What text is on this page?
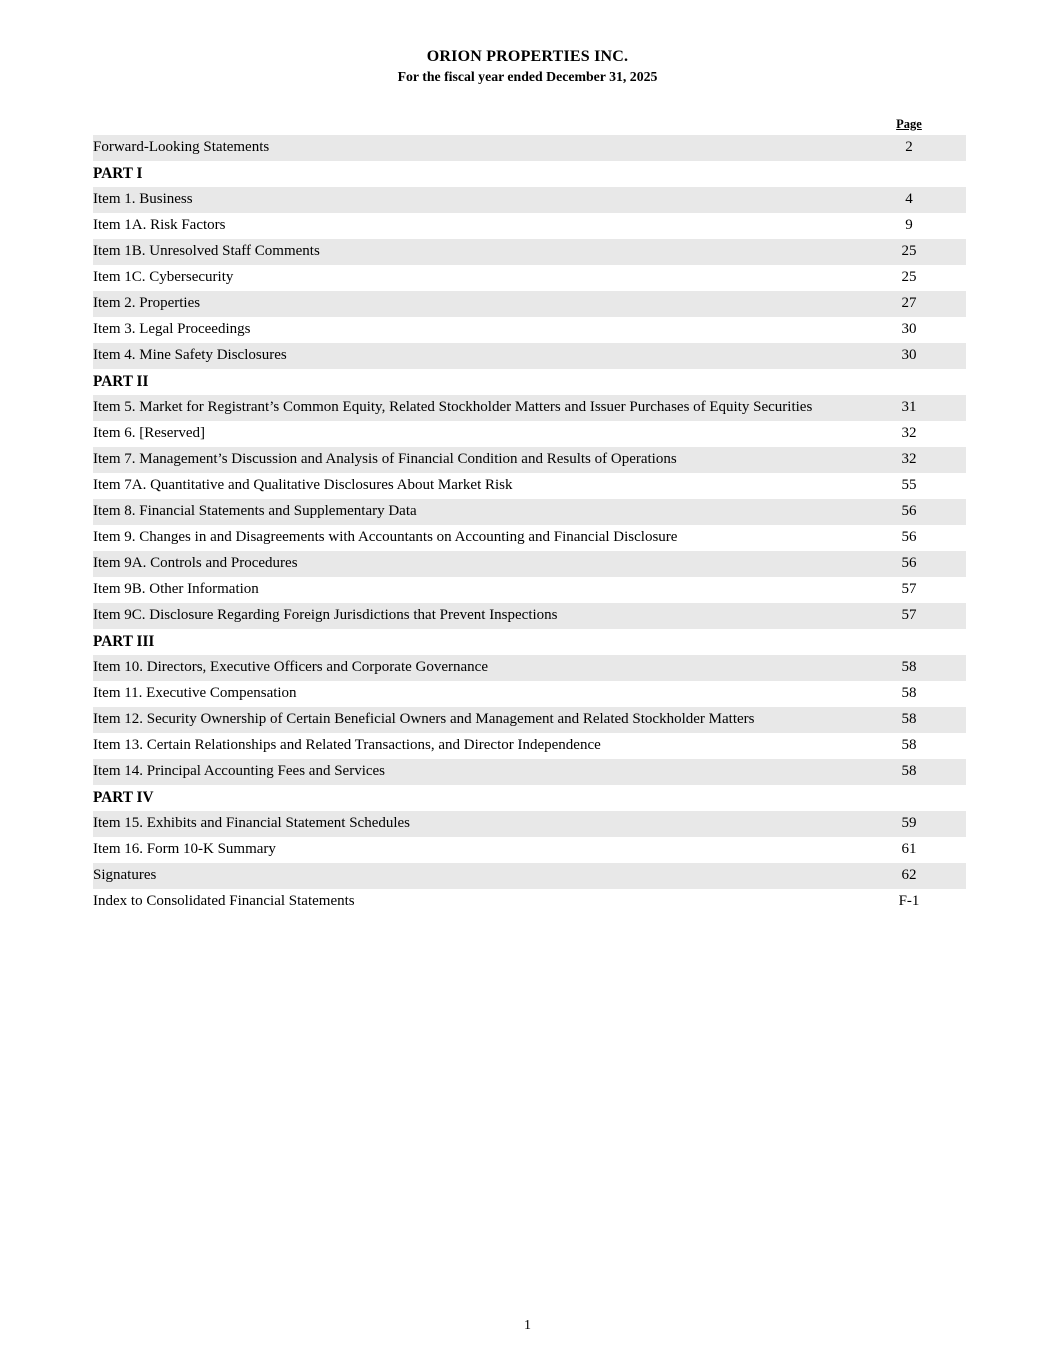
ORION PROPERTIES INC.
For the fiscal year ended December 31, 2025
Page
Forward-Looking Statements	2
PART I
Item 1. Business	4
Item 1A. Risk Factors	9
Item 1B. Unresolved Staff Comments	25
Item 1C. Cybersecurity	25
Item 2. Properties	27
Item 3. Legal Proceedings	30
Item 4. Mine Safety Disclosures	30
PART II
Item 5. Market for Registrant’s Common Equity, Related Stockholder Matters and Issuer Purchases of Equity Securities	31
Item 6. [Reserved]	32
Item 7. Management’s Discussion and Analysis of Financial Condition and Results of Operations	32
Item 7A. Quantitative and Qualitative Disclosures About Market Risk	55
Item 8. Financial Statements and Supplementary Data	56
Item 9. Changes in and Disagreements with Accountants on Accounting and Financial Disclosure	56
Item 9A. Controls and Procedures	56
Item 9B. Other Information	57
Item 9C. Disclosure Regarding Foreign Jurisdictions that Prevent Inspections	57
PART III
Item 10. Directors, Executive Officers and Corporate Governance	58
Item 11. Executive Compensation	58
Item 12. Security Ownership of Certain Beneficial Owners and Management and Related Stockholder Matters	58
Item 13. Certain Relationships and Related Transactions, and Director Independence	58
Item 14. Principal Accounting Fees and Services	58
PART IV
Item 15. Exhibits and Financial Statement Schedules	59
Item 16. Form 10-K Summary	61
Signatures	62
Index to Consolidated Financial Statements	F-1
1
